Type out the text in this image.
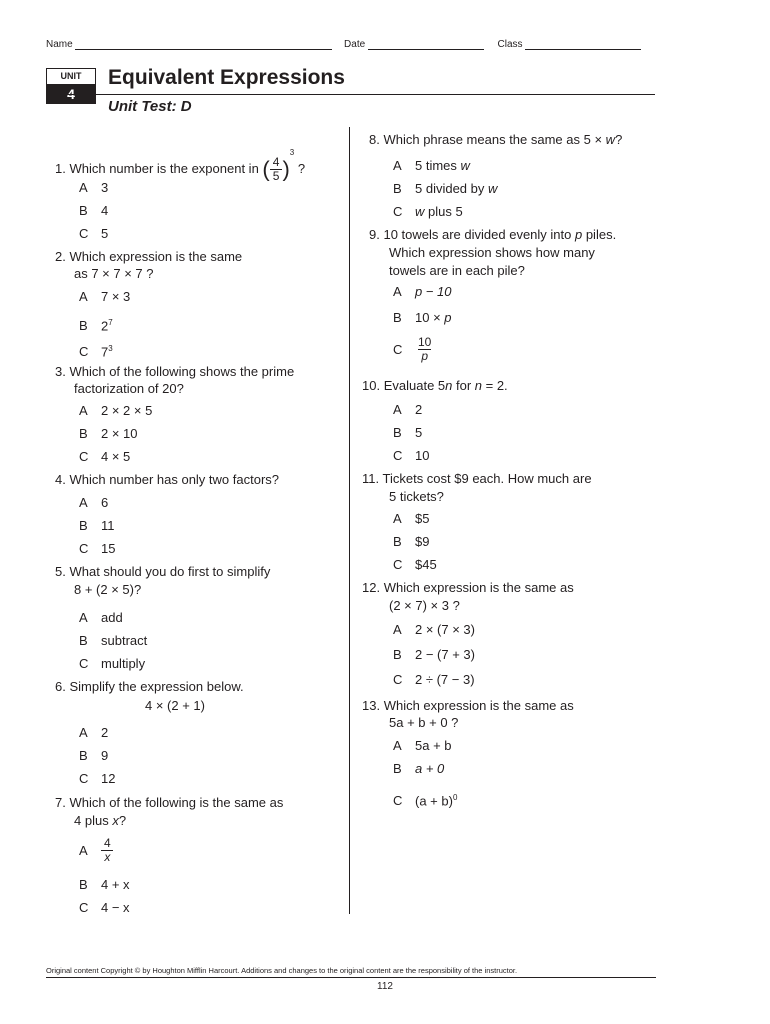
Name	Date	Class
UNIT	Equivalent Expressions
Unit Test: D
1. Which number is the exponent in ( $\frac{4}{5} )^3$ ?
A 3
B 4
C 5
2. Which expression is the same
as 7 × 7 × 7 ?
A 7 × 3
B $2^7$
C $7^3$
3. Which of the following shows the prime
factorization of 20?
A 2 × 2 × 5
B 2 × 10
C 4 × 5
4. Which number has only two factors?
A 6
B 11
C 15
5. What should you do first to simplify
8 + (2 × 5)?
A add
B subtract
C multiply
6. Simplify the expression below.
4 × (2 + 1)
A 2
B 9
C 12
7. Which of the following is the same as
4 plus x?
A $\frac{4}{x}$
B 4 + x
C 4 − x
8. Which phrase means the same as 5 × w?
A 5 times w
B 5 divided by w
C w plus 5
9. 10 towels are divided evenly into p piles.
Which expression shows how many
towels are in each pile?
A p − 10
B 10 × p
C $\frac{10}{p}$
10. Evaluate 5n for n = 2.
A 2
B 5
C 10
11. Tickets cost $9 each. How much are
5 tickets?
A $5
B $9
C $45
12. Which expression is the same as
(2 × 7) × 3 ?
A 2 × (7 × 3)
B 2 − (7 + 3)
C 2 ÷ (7 − 3)
13. Which expression is the same as
5a + b + 0 ?
A 5a + b
B a + 0
C $(a + b)^0$
Original content Copyright © by Houghton Mifflin Harcourt. Additions and changes to the original content are the responsibility of the instructor.
112
